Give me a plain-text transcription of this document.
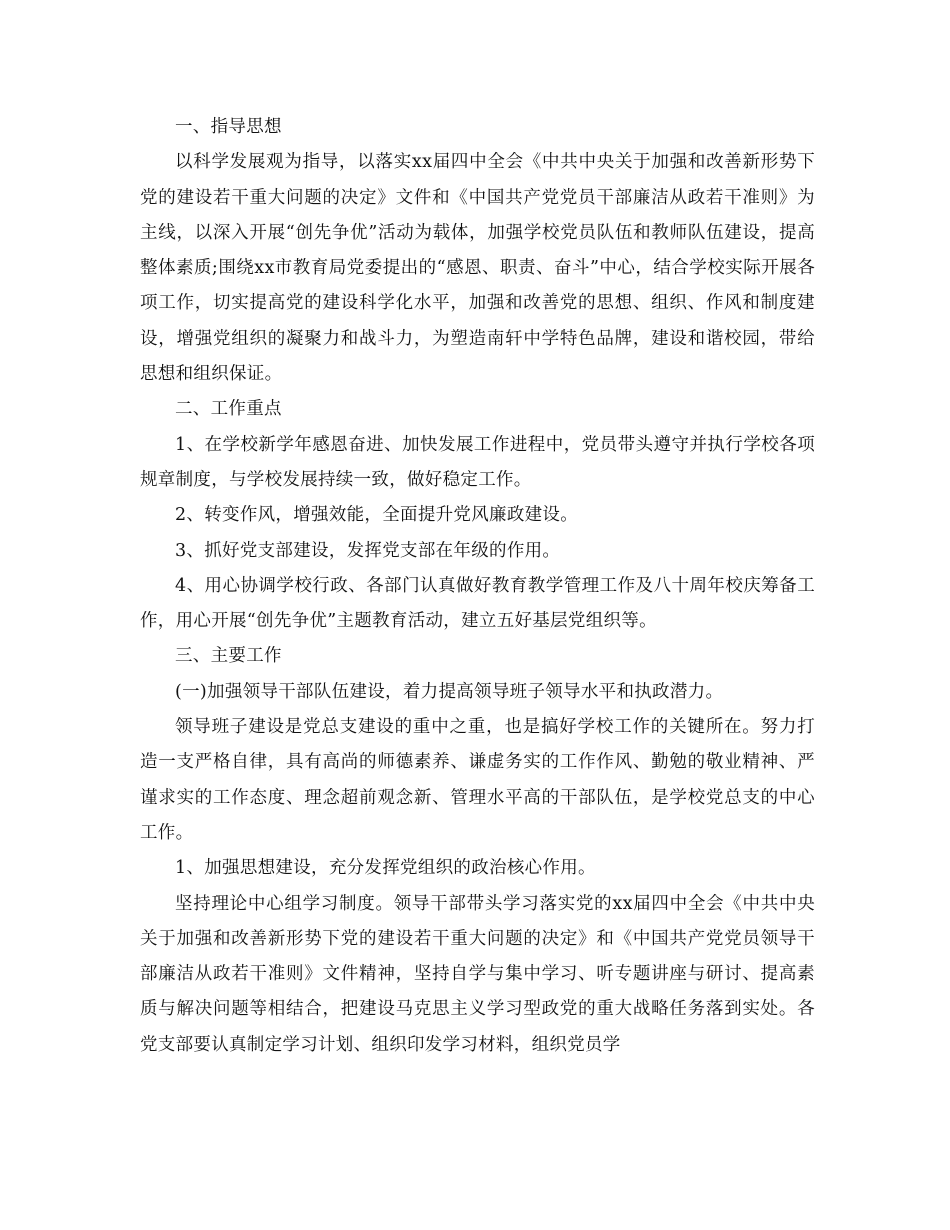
一、指导思想

以科学发展观为指导，以落实xx届四中全会《中共中央关于加强和改善新形势下党的建设若干重大问题的决定》文件和《中国共产党党员干部廉洁从政若干准则》为主线，以深入开展“创先争优”活动为载体，加强学校党员队伍和教师队伍建设，提高整体素质;围绕xx市教育局党委提出的“感恩、职责、奋斗”中心，结合学校实际开展各项工作，切实提高党的建设科学化水平，加强和改善党的思想、组织、作风和制度建设，增强党组织的凝聚力和战斗力，为塑造南轩中学特色品牌，建设和谐校园，带给思想和组织保证。

二、工作重点

1、在学校新学年感恩奋进、加快发展工作进程中，党员带头遵守并执行学校各项规章制度，与学校发展持续一致，做好稳定工作。

2、转变作风，增强效能，全面提升党风廉政建设。

3、抓好党支部建设，发挥党支部在年级的作用。

4、用心协调学校行政、各部门认真做好教育教学管理工作及八十周年校庆筹备工作，用心开展“创先争优”主题教育活动，建立五好基层党组织等。

三、主要工作

(一)加强领导干部队伍建设，着力提高领导班子领导水平和执政潜力。

领导班子建设是党总支建设的重中之重，也是搞好学校工作的关键所在。努力打造一支严格自律，具有高尚的师德素养、谦虚务实的工作作风、勤勉的敬业精神、严谨求实的工作态度、理念超前观念新、管理水平高的干部队伍，是学校党总支的中心工作。

1、加强思想建设，充分发挥党组织的政治核心作用。

坚持理论中心组学习制度。领导干部带头学习落实党的xx届四中全会《中共中央关于加强和改善新形势下党的建设若干重大问题的决定》和《中国共产党党员领导干部廉洁从政若干准则》文件精神，坚持自学与集中学习、听专题讲座与研讨、提高素质与解决问题等相结合，把建设马克思主义学习型政党的重大战略任务落到实处。各党支部要认真制定学习计划、组织印发学习材料，组织党员学
